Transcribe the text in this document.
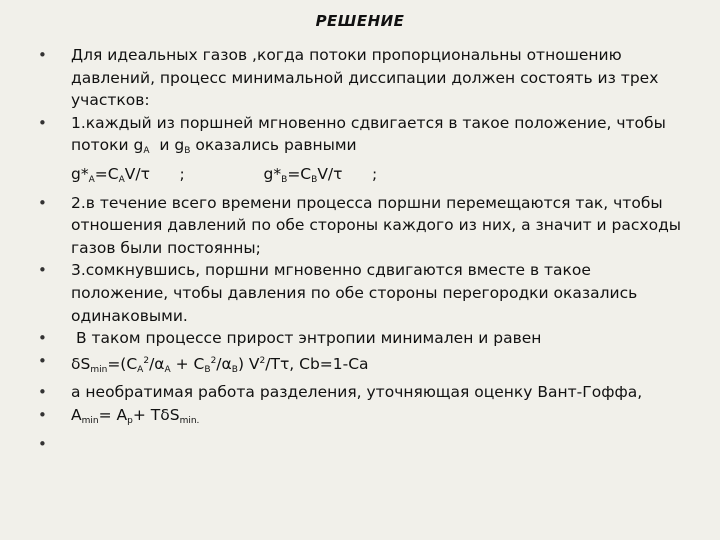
РЕШЕНИЕ
• Для идеальных газов ,когда потоки пропорциональны отношению давлений, процесс минимальной диссипации должен состоять из трех участков:
• 1.каждый из поршней мгновенно сдвигается в такое положение, чтобы потоки $g_A$  и $g_B$ оказались равными
$g*_A=C_AV/\tau$      ;                $g*_B=C_BV/\tau$      ;
• 2.в течение всего времени процесса поршни перемещаются так, чтобы отношения давлений по обе стороны каждого из них, а значит и расходы газов были постоянны;
• 3.сомкнувшись, поршни мгновенно сдвигаются вместе в такое положение, чтобы давления по обе стороны перегородки оказались одинаковыми.
•  В таком процессе прирост энтропии минимален и равен
• $\delta S_{min}=(C_A^2/\alpha_A + C_B^2/\alpha_B)$ $V^2/T\tau$, Cb=1-Ca
• а необратимая работа разделения, уточняющая оценку Вант-Гоффа,
• $A_{min}= A_p+ T\delta S_{min.}$
•
